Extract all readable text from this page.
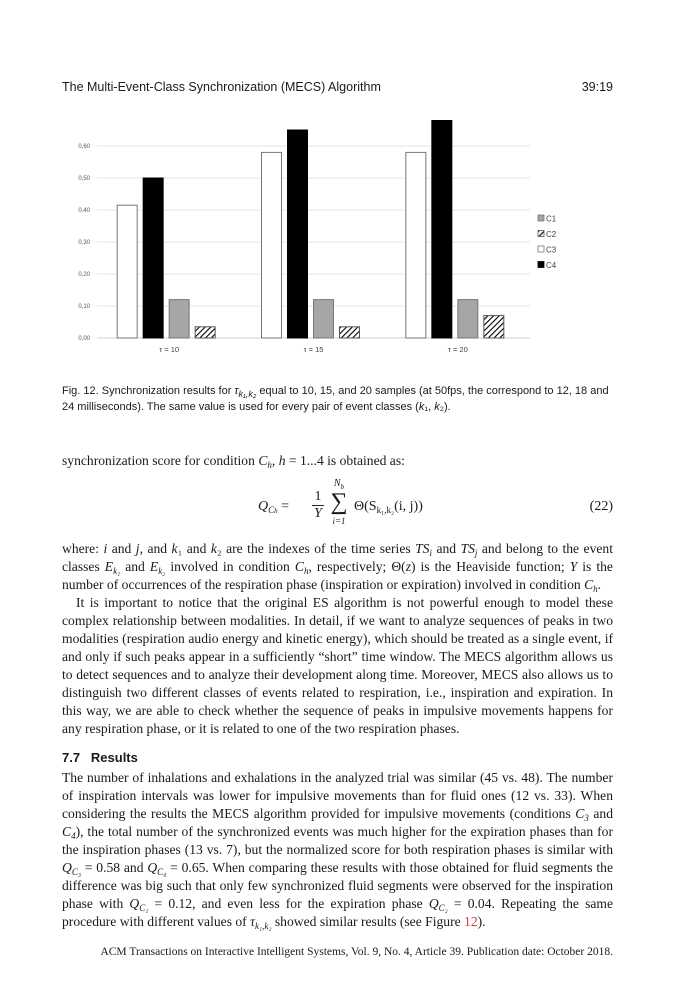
The Multi-Event-Class Synchronization (MECS) Algorithm	39:19
0,00
0,10
0,20
0,30
0,40
0,50
0,60
τ = 10	τ = 15	τ = 20
C1
C2
C3
C4
Fig. 12. Synchronization results for $\tau_{k_1,k_2}$ equal to 10, 15, and 20 samples (at 50fps, the correspond to 12, 18 and 24 milliseconds). The same value is used for every pair of event classes (k₁, k₂).
synchronization score for condition $C_h$, h = 1...4 is obtained as:
$Q_{Ch} = \frac{1}{Y}$
$N_b$
∑
i=1
$\Theta(S_{k_1,k_2}(i$, j))	(22)

where: i and j, and k₁ and k₂ are the indexes of the time series $TS_i$ and $TS_j$ and belong to the event classes $E_{k_1}$ and $E_{k_2}$ involved in condition $C_h$, respectively; Θ(z) is the Heaviside function; Y is the number of occurrences of the respiration phase (inspiration or expiration) involved in condition $C_h$.

It is important to notice that the original ES algorithm is not powerful enough to model these complex relationship between modalities. In detail, if we want to analyze sequences of peaks in two modalities (respiration audio energy and kinetic energy), which should be treated as a single event, if and only if such peaks appear in a sufficiently “short” time window. The MECS algorithm allows us to detect sequences and to analyze their development along time. Moreover, MECS also allows us to distinguish two different classes of events related to respiration, i.e., inspiration and expiration. In this way, we are able to check whether the sequence of peaks in impulsive movements happens for any respiration phase, or it is related to one of the two respiration phases.

7.7   Results

The number of inhalations and exhalations in the analyzed trial was similar (45 vs. 48). The number of inspiration intervals was lower for impulsive movements than for fluid ones (12 vs. 33). When considering the results the MECS algorithm provided for impulsive movements (conditions $C_3$ and $C_4$), the total number of the synchronized events was much higher for the expiration phases than for the inspiration phases (13 vs. 7), but the normalized score for both respiration phases is similar with $Q_{C_3} = 0.58$ and $Q_{C_4} = 0.65$. When comparing these results with those obtained for fluid segments the difference was big such that only few synchronized fluid segments were observed for the inspiration phase with $Q_{C_1} = 0.12$, and even less for the expiration phase $Q_{C_2} = 0.04$. Repeating the same procedure with different values of $\tau_{k_1,k_2}$ showed similar results (see Figure 12).

ACM Transactions on Interactive Intelligent Systems, Vol. 9, No. 4, Article 39. Publication date: October 2018.
